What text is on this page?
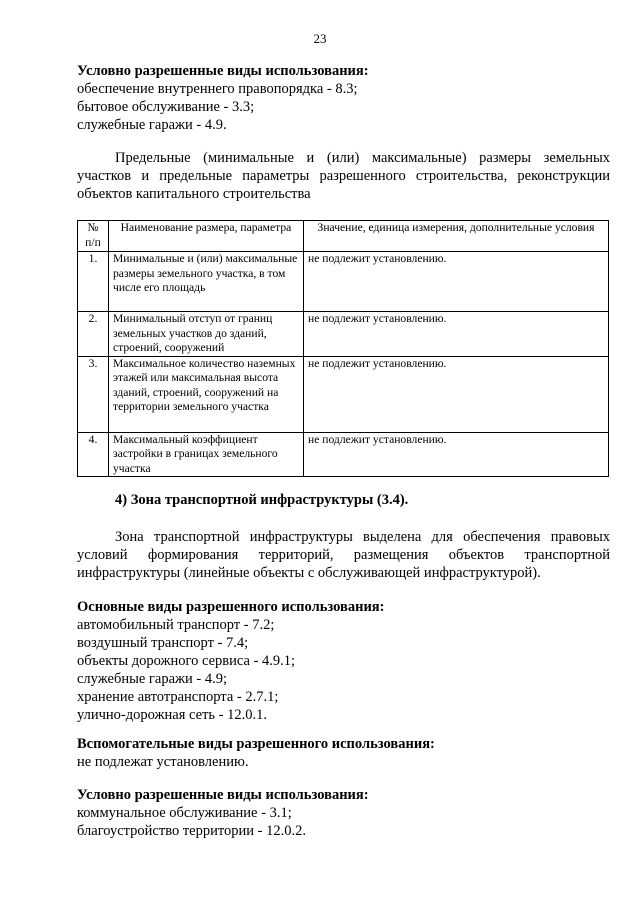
23
Условно разрешенные виды использования:
обеспечение внутреннего правопорядка - 8.3;
бытовое обслуживание - 3.3;
служебные гаражи - 4.9.
Предельные (минимальные и (или) максимальные) размеры земельных
участков и предельные параметры разрешенного строительства, реконструкции
объектов капитального строительства
№ п/п	Наименование размера, параметра	Значение, единица измерения, дополнительные условия
1.	Минимальные и (или) максимальные размеры земельного участка, в том числе его площадь	не подлежит установлению.
2.	Минимальный отступ от границ земельных участков до зданий, строений, сооружений	не подлежит установлению.
3.	Максимальное количество наземных этажей или максимальная высота зданий, строений, сооружений на территории земельного участка	не подлежит установлению.
4.	Максимальный коэффициент застройки в границах земельного участка	не подлежит установлению.
4) Зона транспортной инфраструктуры (3.4).
Зона транспортной инфраструктуры выделена для обеспечения правовых
условий формирования территорий, размещения объектов транспортной
инфраструктуры (линейные объекты с обслуживающей инфраструктурой).
Основные виды разрешенного использования:
автомобильный транспорт - 7.2;
воздушный транспорт - 7.4;
объекты дорожного сервиса - 4.9.1;
служебные гаражи - 4.9;
хранение автотранспорта - 2.7.1;
улично-дорожная сеть - 12.0.1.
Вспомогательные виды разрешенного использования:
не подлежат установлению.
Условно разрешенные виды использования:
коммунальное обслуживание - 3.1;
благоустройство территории - 12.0.2.
